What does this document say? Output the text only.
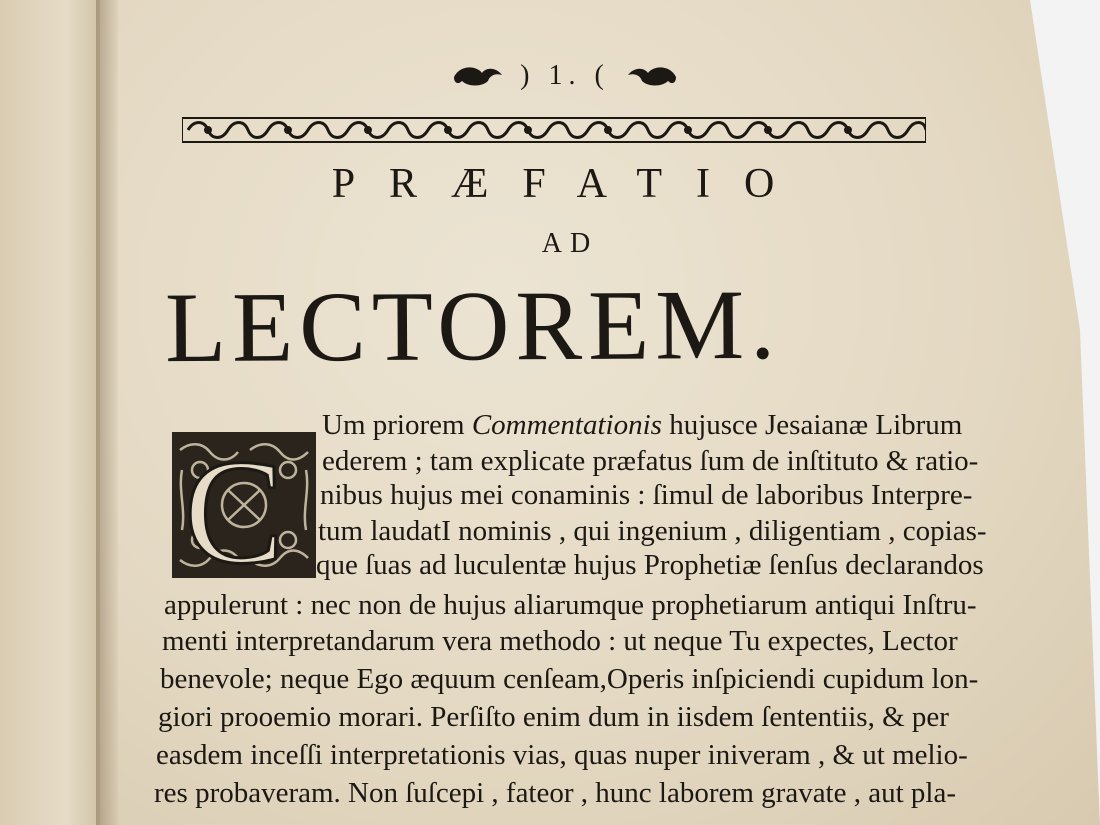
) 1. (
PRÆFATIO
AD
LECTOREM.
C
Um priorem Commentationis hujusce Jesaianæ Librum
ederem ; tam explicate præfatus ſum de inſtituto & ratio-
nibus hujus mei conaminis : ſimul de laboribus Interpre-
tum laudatI nominis , qui ingenium , diligentiam , copias-
que ſuas ad luculentæ hujus Prophetiæ ſenſus declarandos
appulerunt : nec non de hujus aliarumque prophetiarum antiqui Inſtru-
menti interpretandarum vera methodo : ut neque Tu expectes, Lector
benevole; neque Ego æquum cenſeam,Operis inſpiciendi cupidum lon-
giori prooemio morari. Perſiſto enim dum in iisdem ſententiis, & per
easdem inceſſi interpretationis vias, quas nuper iniveram , & ut melio-
res probaveram. Non ſuſcepi , fateor , hunc laborem gravate , aut pla-
